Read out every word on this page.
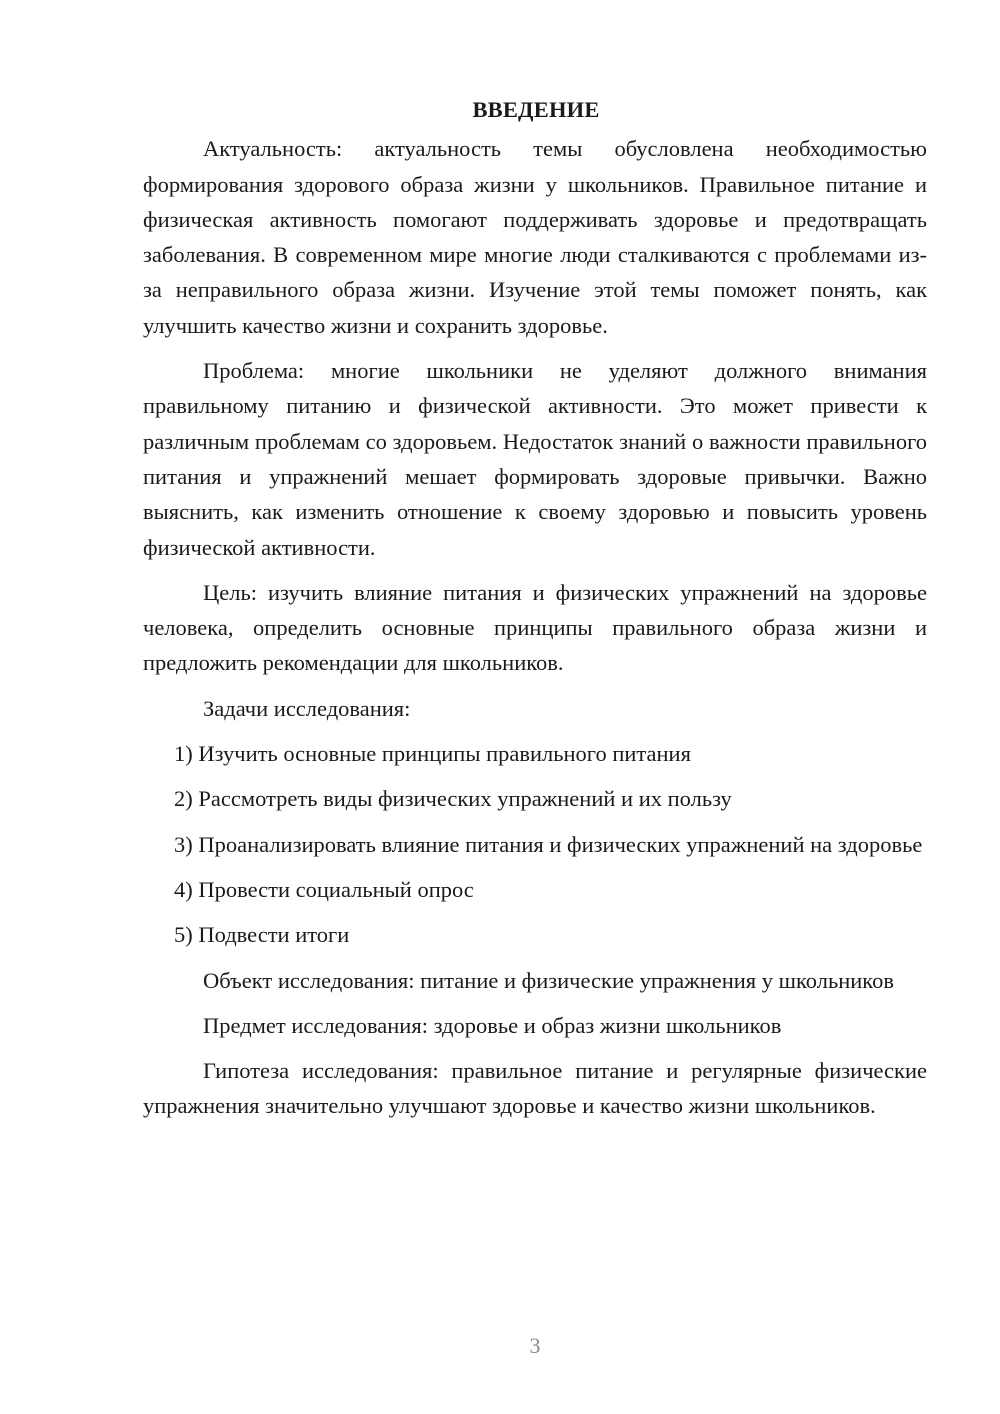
ВВЕДЕНИЕ

Актуальность: актуальность темы обусловлена необходимостью формирования здорового образа жизни у школьников. Правильное питание и физическая активность помогают поддерживать здоровье и предотвращать заболевания. В современном мире многие люди сталкиваются с проблемами из-за неправильного образа жизни. Изучение этой темы поможет понять, как улучшить качество жизни и сохранить здоровье.

Проблема: многие школьники не уделяют должного внимания правильному питанию и физической активности. Это может привести к различным проблемам со здоровьем. Недостаток знаний о важности правильного питания и упражнений мешает формировать здоровые привычки. Важно выяснить, как изменить отношение к своему здоровью и повысить уровень физической активности.

Цель: изучить влияние питания и физических упражнений на здоровье человека, определить основные принципы правильного образа жизни и предложить рекомендации для школьников.

Задачи исследования:

1) Изучить основные принципы правильного питания

2) Рассмотреть виды физических упражнений и их пользу

3) Проанализировать влияние питания и физических упражнений на здоровье

4) Провести социальный опрос

5) Подвести итоги

Объект исследования: питание и физические упражнения у школьников

Предмет исследования: здоровье и образ жизни школьников

Гипотеза исследования: правильное питание и регулярные физические упражнения значительно улучшают здоровье и качество жизни школьников.

3
